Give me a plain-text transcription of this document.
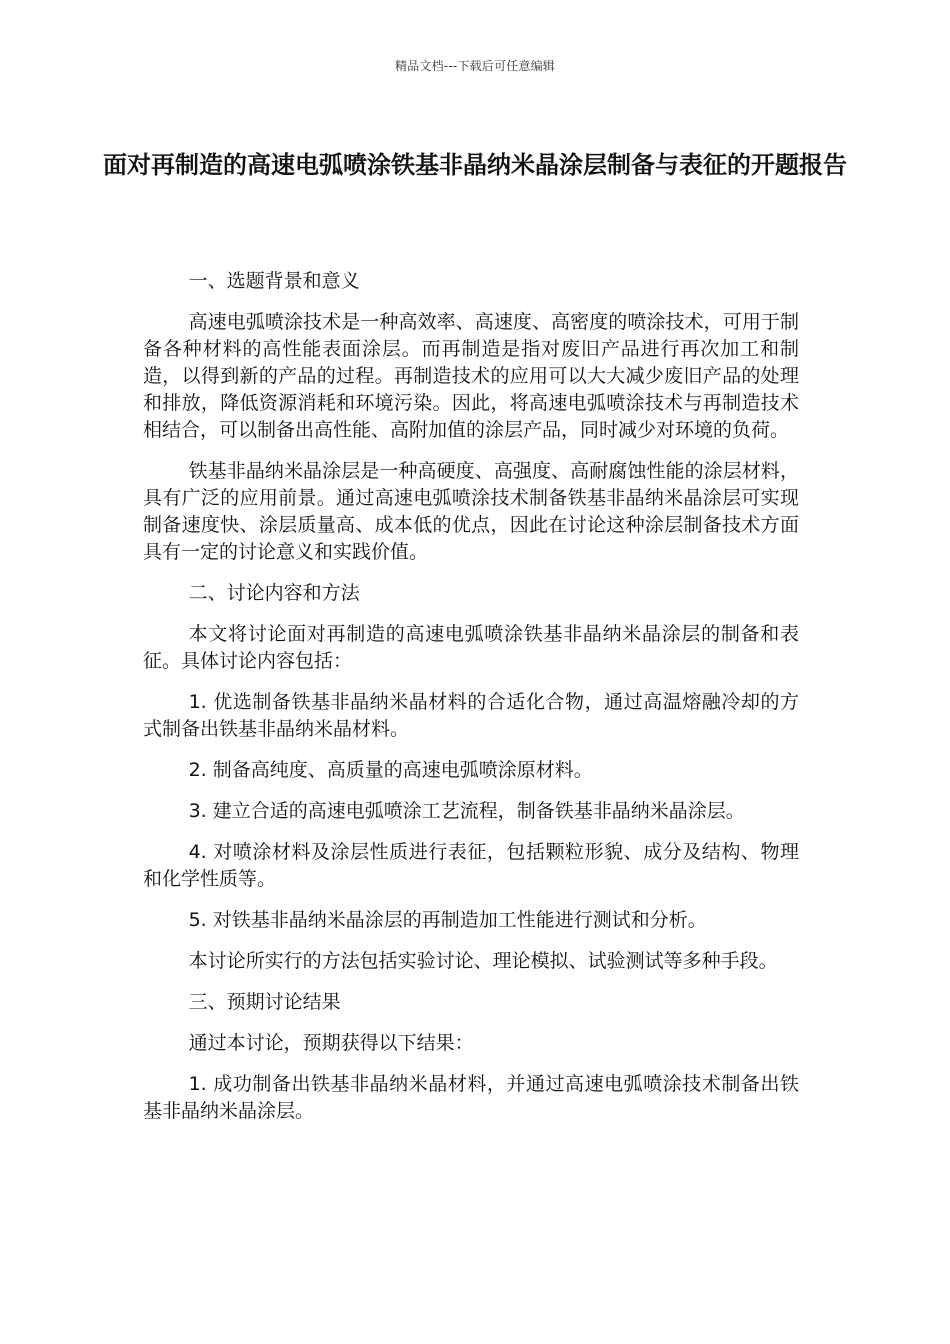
精品文档---下载后可任意编辑
面对再制造的高速电弧喷涂铁基非晶纳米晶涂层制备与表征的开题报告

一、选题背景和意义

高速电弧喷涂技术是一种高效率、高速度、高密度的喷涂技术，可用于制备各种材料的高性能表面涂层。而再制造是指对废旧产品进行再次加工和制造，以得到新的产品的过程。再制造技术的应用可以大大减少废旧产品的处理和排放，降低资源消耗和环境污染。因此，将高速电弧喷涂技术与再制造技术相结合，可以制备出高性能、高附加值的涂层产品，同时减少对环境的负荷。

铁基非晶纳米晶涂层是一种高硬度、高强度、高耐腐蚀性能的涂层材料，具有广泛的应用前景。通过高速电弧喷涂技术制备铁基非晶纳米晶涂层可实现制备速度快、涂层质量高、成本低的优点，因此在讨论这种涂层制备技术方面具有一定的讨论意义和实践价值。

二、讨论内容和方法

本文将讨论面对再制造的高速电弧喷涂铁基非晶纳米晶涂层的制备和表征。具体讨论内容包括：

1. 优选制备铁基非晶纳米晶材料的合适化合物，通过高温熔融冷却的方式制备出铁基非晶纳米晶材料。

2. 制备高纯度、高质量的高速电弧喷涂原材料。

3. 建立合适的高速电弧喷涂工艺流程，制备铁基非晶纳米晶涂层。

4. 对喷涂材料及涂层性质进行表征，包括颗粒形貌、成分及结构、物理和化学性质等。

5. 对铁基非晶纳米晶涂层的再制造加工性能进行测试和分析。

本讨论所实行的方法包括实验讨论、理论模拟、试验测试等多种手段。

三、预期讨论结果

通过本讨论，预期获得以下结果：

1. 成功制备出铁基非晶纳米晶材料，并通过高速电弧喷涂技术制备出铁基非晶纳米晶涂层。
